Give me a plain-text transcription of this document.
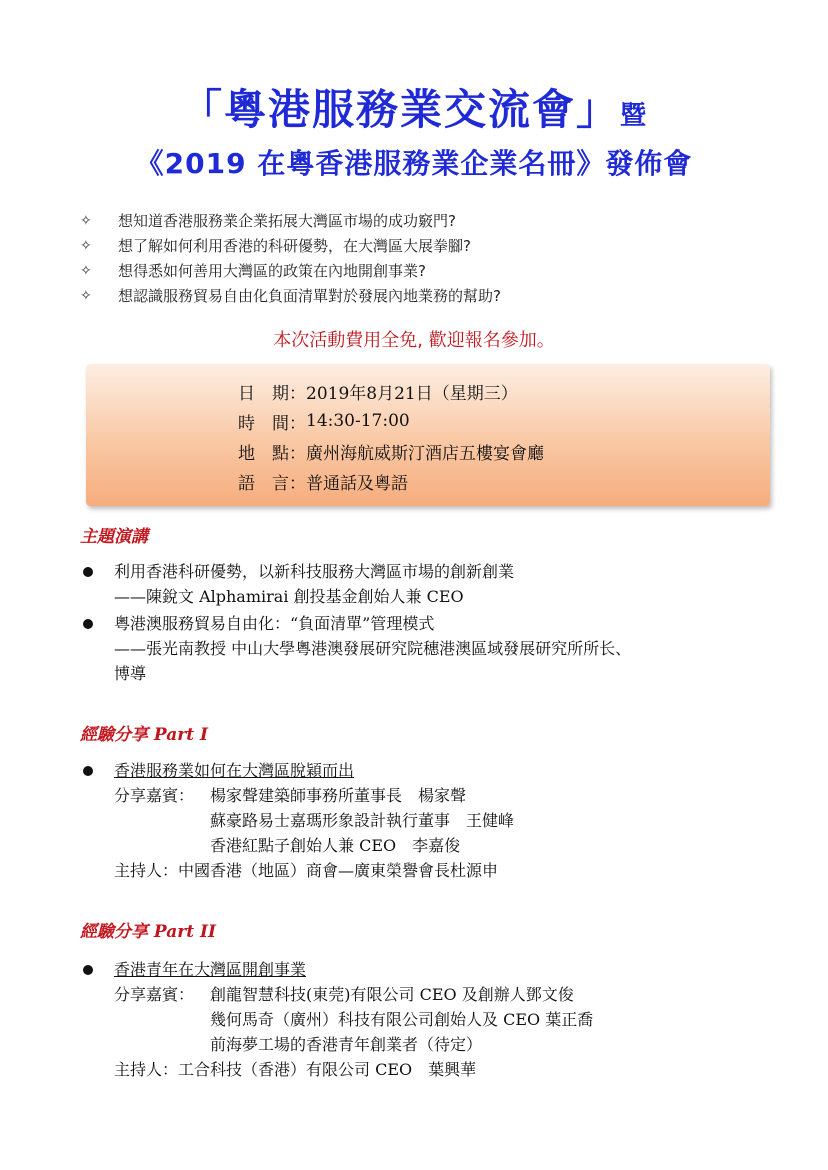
「粵港服務業交流會」暨
《2019 在粵香港服務業企業名冊》發佈會
✧	想知道香港服務業企業拓展大灣區市場的成功竅門?
✧	想了解如何利用香港的科研優勢，在大灣區大展拳腳?
✧	想得悉如何善用大灣區的政策在內地開創事業?
✧	想認識服務貿易自由化負面清單對於發展內地業務的幫助?
本次活動費用全免, 歡迎報名參加。
日　期： 2019年8月21日（星期三）
時　間： 14:30-17:00
地　點： 廣州海航威斯汀酒店五樓宴會廳
語　言： 普通話及粵語
主題演講
利用香港科研優勢，以新科技服務大灣區市場的創新創業
——陳銳文 Alphamirai 創投基金創始人兼 CEO
粵港澳服務貿易自由化：“負面清單”管理模式
——張光南教授 中山大學粵港澳發展研究院穗港澳區域發展研究所所长、
博導
經驗分享 Part I
香港服務業如何在大灣區脫穎而出
分享嘉賓： 楊家聲建築師事務所董事長　楊家聲
蘇豪路易士嘉瑪形象設計執行董事　王健峰
香港紅點子創始人兼 CEO　李嘉俊
主持人：中國香港（地區）商會—廣東榮譽會長杜源申
經驗分享 Part II
香港青年在大灣區開創事業
分享嘉賓： 創龍智慧科技(東莞)有限公司 CEO 及創辦人鄧文俊
幾何馬奇（廣州）科技有限公司創始人及 CEO 葉正喬
前海夢工場的香港青年創業者（待定）
主持人：工合科技（香港）有限公司 CEO　葉興華
